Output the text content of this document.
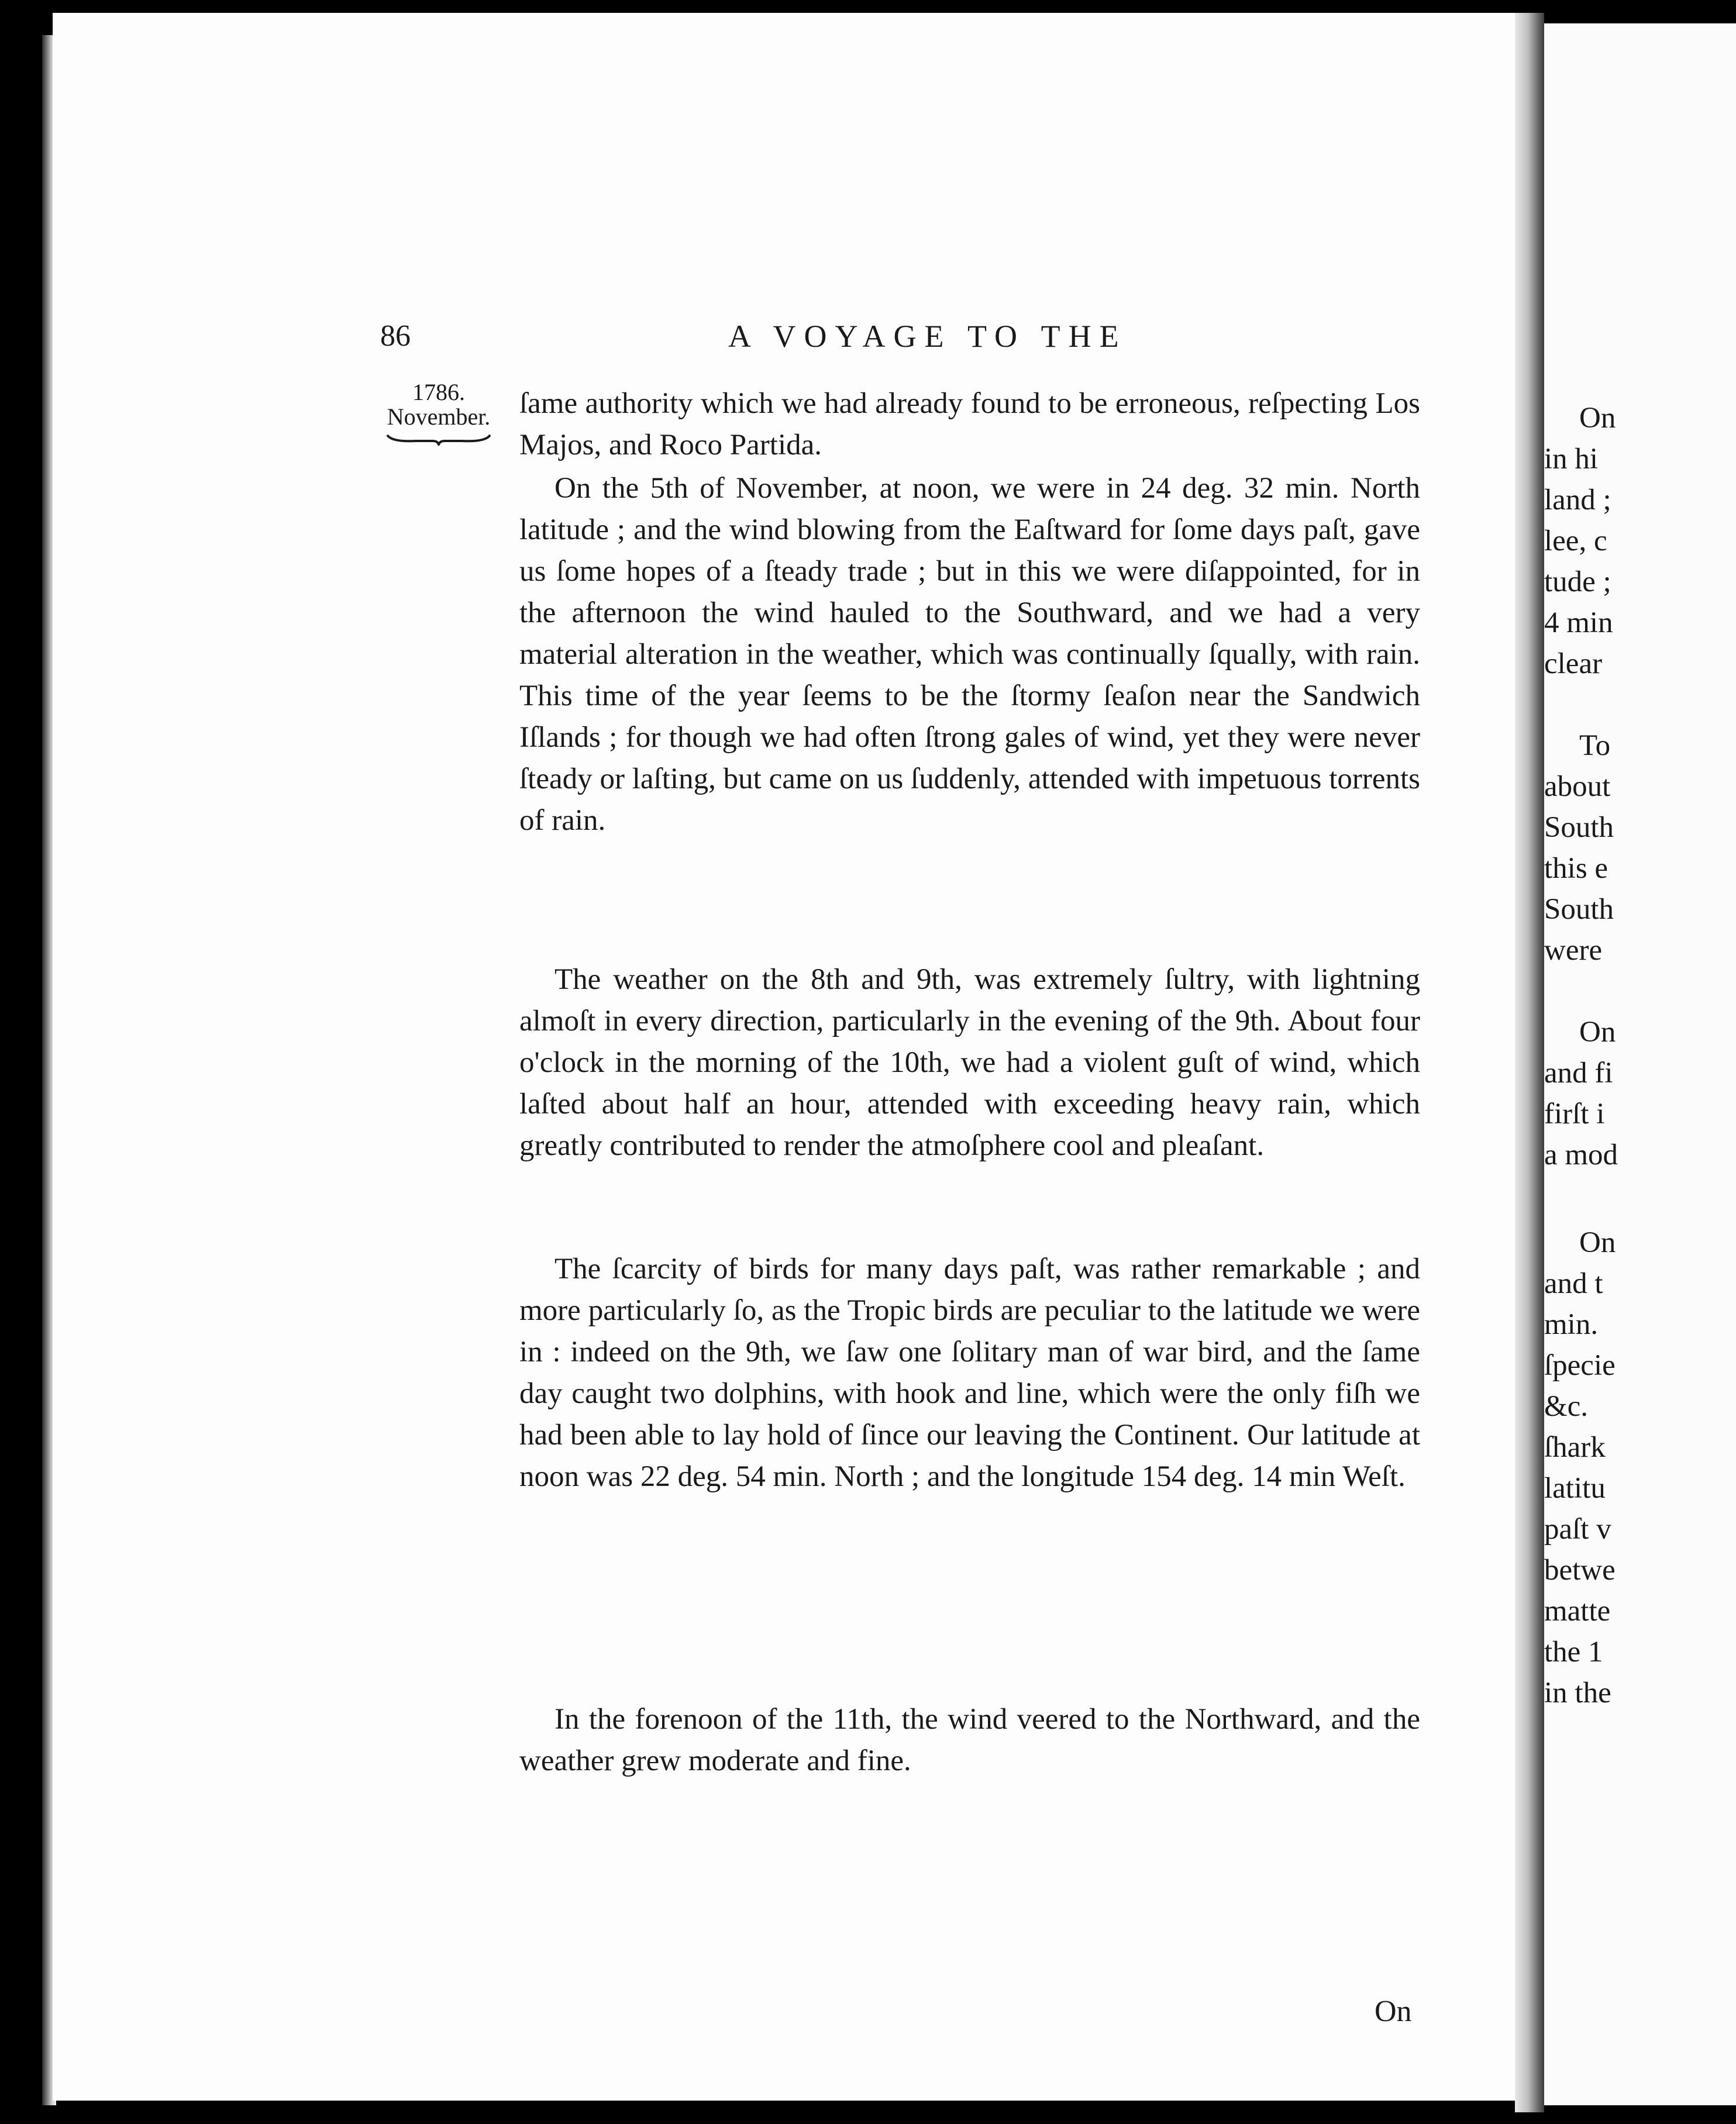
86	A VOYAGE TO THE
1786.
November. ſame authority which we had already found to be erroneous, reſpecting Los Majos, and Roco Partida.

On the 5th of November, at noon, we were in 24 deg. 32 min. North latitude ; and the wind blowing from the Eaſtward for ſome days paſt, gave us ſome hopes of a ſteady trade ; but in this we were diſappointed, for in the afternoon the wind hauled to the Southward, and we had a very material alteration in the weather, which was continually ſqually, with rain. This time of the year ſeems to be the ſtormy ſeaſon near the Sandwich Iſlands ; for though we had often ſtrong gales of wind, yet they were never ſteady or laſting, but came on us ſuddenly, attended with impetuous torrents of rain.

The weather on the 8th and 9th, was extremely ſultry, with lightning almoſt in every direction, particularly in the evening of the 9th. About four o'clock in the morning of the 10th, we had a violent guſt of wind, which laſted about half an hour, attended with exceeding heavy rain, which greatly contributed to render the atmoſphere cool and pleaſant.

The ſcarcity of birds for many days paſt, was rather remarkable ; and more particularly ſo, as the Tropic birds are peculiar to the latitude we were in : indeed on the 9th, we ſaw one ſolitary man of war bird, and the ſame day caught two dolphins, with hook and line, which were the only fiſh we had been able to lay hold of ſince our leaving the Continent. Our latitude at noon was 22 deg. 54 min. North ; and the longitude 154 deg. 14 min Weſt.

In the forenoon of the 11th, the wind veered to the Northward, and the weather grew moderate and fine.

On
On
in hi
land ;
lee, c
tude ;
4 min
clear
To
about
South
this e
South
were
On
and fi
firſt i
a mod
On
and t
min.
ſpecie
&c.
ſhark
latitu
paſt v
betwe
matte
the 1
in the
